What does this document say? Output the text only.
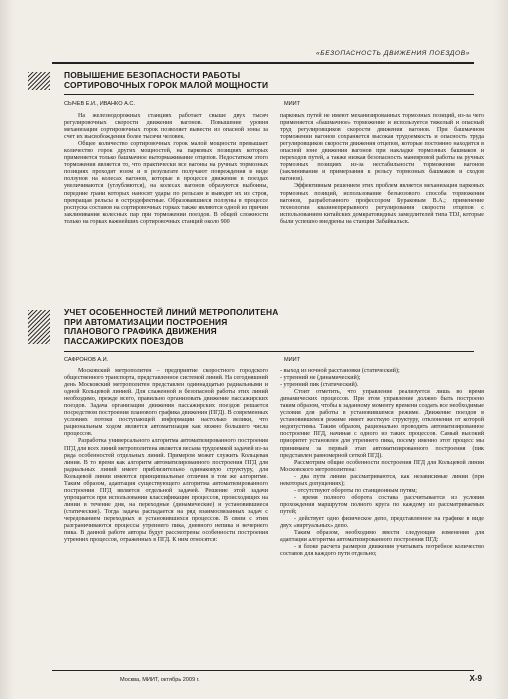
«БЕЗОПАСНОСТЬ ДВИЖЕНИЯ ПОЕЗДОВ»
ПОВЫШЕНИЕ БЕЗОПАСНОСТИ РАБОТЫ
СОРТИРОВОЧНЫХ ГОРОК МАЛОЙ МОЩНОСТИ
СЫЧЕВ Е.И., ИВАНКО А.С.	МИИТ

На железнодорожных станциях работает свыше двух тысяч регулировочных скорости движения вагонов. Повышение уровня механизации сортировочных горок позволяет вывести из опасной зоны за счет их высвобождения более тысячи человек.

Общее количество сортировочных горок малой мощности превышает количество горок других мощностей, на парковых позициях которых применяется только башмачное вытормаживание отцепов. Недостатком этого торможения является то, что практически все вагоны на ручных тормозных позициях проходят юзом и в результате получают повреждения в виде ползунов на колесах вагонов, которые в процессе движения в поездах увеличиваются (углубляются), на колесах вагонов образуются выбоины, передние грани которых наносят удары по рельсам и выводят их из строя, превращая рельсы в остродефектные. Образовавшиеся ползуны в процессе роспуска составов на сортировочных горках также являются одной из причин заклинивания колесных пар при торможении поездов. В общей сложности только на горках важнейших сортировочных станций около 900

парковых путей не имеют механизированных тормозных позиций, из-за чего применяется «башмачное» торможение и используется тяжелый и опасный труд регулировщиков скорости движения вагонов. При башмачном торможении вагонов сохраняется высокая трудоемкость и опасность труда регулировщиков скорости движения отцепов, которые постоянно находятся в опасной зоне движения вагонов при накладке тормозных башмаков и переходов путей, а также низкая безопасность маневровой работы на ручных тормозных позициях из-за нестабильности торможения вагонов (заклинивания и примерзания к рельсу тормозных башмаков и сходов вагонов).

Эффективным решением этих проблем является механизация парковых тормозных позиций, использование безъюзового способа торможения вагонов, разработанного профессором Бураковым В.А.; применение технологии квазинепрерывного регулирования скорости отцепов с использованием китайских домкратовидных замедлителей типа TDJ, которые были успешно внедрены на станции Забайкальск.

УЧЕТ ОСОБЕННОСТЕЙ ЛИНИЙ МЕТРОПОЛИТЕНА
ПРИ АВТОМАТИЗАЦИИ ПОСТРОЕНИЯ
ПЛАНОВОГО ГРАФИКА ДВИЖЕНИЯ
ПАССАЖИРСКИХ ПОЕЗДОВ
САФРОНОВ А.И.	МИИТ

Московский метрополитен – предприятие скоростного городского общественного транспорта, представленное системой линий. На сегодняшний день Московский метрополитен представлен одиннадцатью радиальными и одной Кольцевой линией. Для слаженной и безопасной работы этих линий необходимо, прежде всего, правильно организовать движение пассажирских поездов. Задача организации движения пассажирских поездов решается посредством построения планового графика движения (ПГД). В современных условиях потоки поступающей информации настолько велики, что рациональным ходом является автоматизация как можно большего числа процессов.

Разработка универсального алгоритма автоматизированного построения ПГД для всех линий метрополитена является весьма трудоемкой задачей из-за ряда особенностей отдельных линий. Примером может служить Кольцевая линия. В то время как алгоритм автоматизированного построения ПГД для радиальных линий имеет приблизительно одинаковую структуру, для Кольцевой линии имеются принципиальные отличия в том же алгоритме. Таким образом, адаптация существующего алгоритма автоматизированного построения ПГД является отдельной задачей. Решение этой задачи упрощается при использовании классификации процессов, происходящих на линии в течение дня, на переходные (динамические) и установившиеся (статические). Тогда задача распадается на ряд взаимосвязанных задач с чередованием переходных и установившихся процессов. В связи с этим разграничиваются процессы утреннего пика, дневного непика и вечернего пика. В данной работе авторы будут рассмотрены особенности построения утренних процессов, отраженных в ПГД. К ним относятся:

- выход из ночной расстановки (статический);

- утренний не (динамический);

- утренний пик (статический).

Стоит отметить, что управление реализуется лишь во время динамических процессов. При этом управление должно быть построено таким образом, чтобы к заданному моменту времени создать все необходимые условия для работы в установившемся режиме. Движение поездов в установившемся режиме имеет жесткую структуру, отклонения от которой недопустимы. Таким образом, рационально проводить автоматизированное построение ПГД, начиная с одного из таких процессов. Самый высокий приоритет установлен для утреннего пика, посему именно этот процесс мы принимаем за первый этап автоматизированного построения (пик представлен равномерной сеткой ПГД).

Рассмотрим общие особенности построения ПГД для Кольцевой линии Московского метрополитена:

- два пути линии рассматриваются, как независимые линии (при некоторых допущениях);

- отсутствуют обороты по станционным путям;

- время полного оборота состава рассчитывается из условия прохождения маршрутом полного круга по каждому из рассматриваемых путей;

- действует одно физическое депо, представленное на графике в виде двух «виртуальных» депо.

Таким образом, необходимо ввести следующие изменения для адаптации алгоритма автоматизированного построения ПГД:

- в блоке расчета размеров движения учитывать потребное количество составов для каждого пути отдельно;

Москва, МИИТ, октябрь 2009 г.	X-9
